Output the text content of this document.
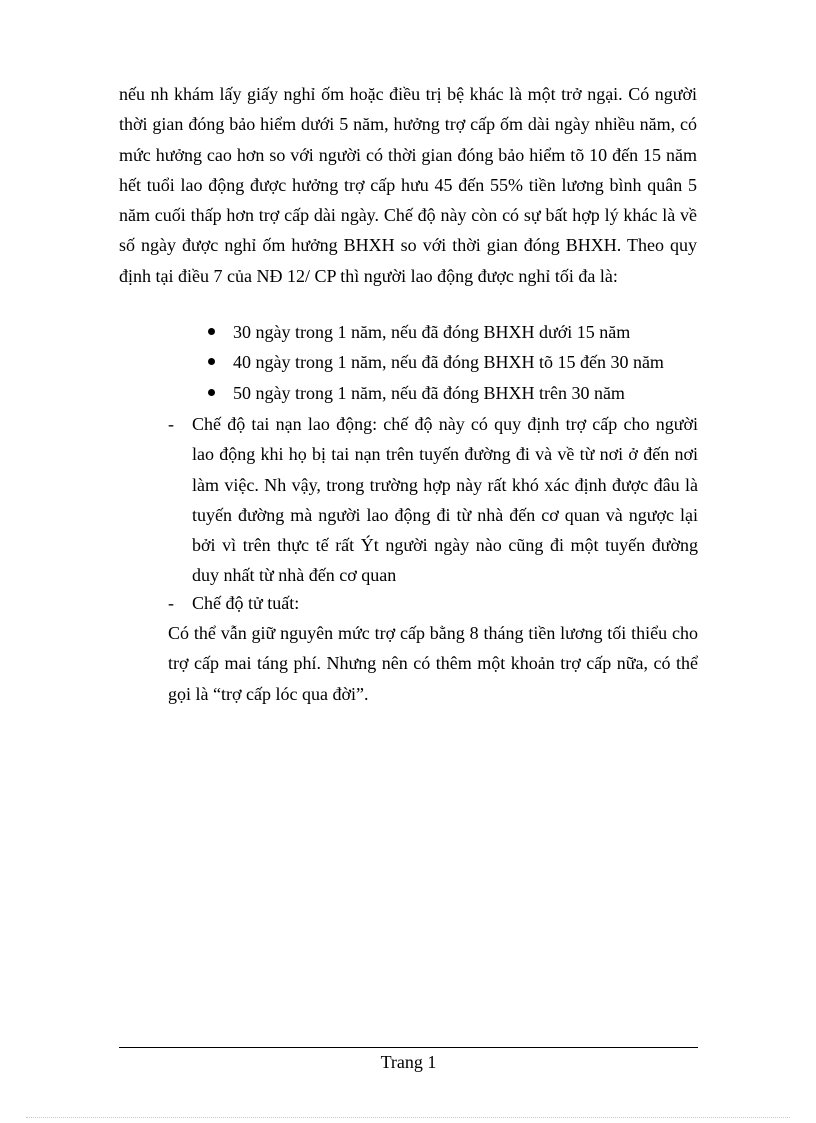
nếu nh khám lấy giấy nghỉ ốm hoặc điều trị bệ khác là một trở ngại. Có người thời gian đóng bảo hiểm dưới 5 năm, hưởng trợ cấp ốm dài ngày nhiều năm, có mức hưởng cao hơn so với người có thời gian đóng bảo hiểm tõ 10 đến 15 năm hết tuổi lao động được hưởng trợ cấp hưu 45 đến 55% tiền lương bình quân 5 năm cuối thấp hơn trợ cấp dài ngày. Chế độ này còn có sự bất hợp lý khác là về số ngày được nghỉ ốm hưởng BHXH so với thời gian đóng BHXH. Theo quy định tại điều 7 của NĐ 12/ CP thì người lao động được nghỉ tối đa là:

30 ngày trong 1 năm, nếu đã đóng BHXH dưới 15 năm
40 ngày trong 1 năm, nếu đã đóng BHXH tõ 15 đến 30 năm
50 ngày trong 1 năm, nếu đã đóng BHXH trên 30 năm
- Chế độ tai nạn lao động: chế độ này có quy định trợ cấp cho người lao động khi họ bị tai nạn trên tuyến đường đi và về từ nơi ở đến nơi làm việc. Nh vậy, trong trường hợp này rất khó xác định được đâu là tuyến đường mà người lao động đi từ nhà đến cơ quan và ngược lại bởi vì trên thực tế rất Ýt người ngày nào cũng đi một tuyến đường duy nhất từ nhà đến cơ quan

- Chế độ tử tuất:

Có thể vẫn giữ nguyên mức trợ cấp bằng 8 tháng tiền lương tối thiểu cho trợ cấp mai táng phí. Nhưng nên có thêm một khoản trợ cấp nữa, có thể gọi là “trợ cấp lóc qua đời”.

Trang 1
